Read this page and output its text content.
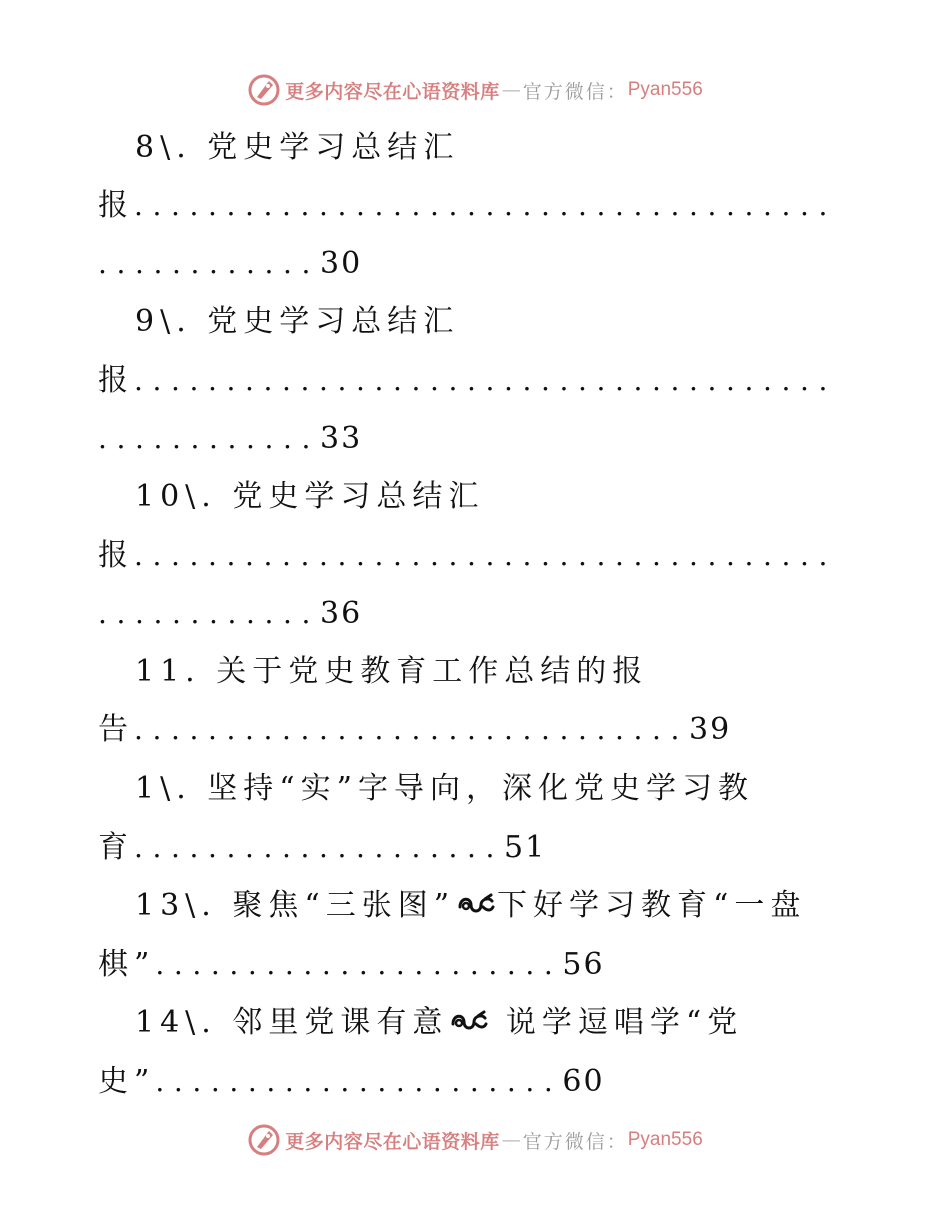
更多内容尽在心语资料库 — 官方微信： Pyan556
8\. 党史学习总结汇
报......................................
............30
9\. 党史学习总结汇
报......................................
............33
10\. 党史学习总结汇
报......................................
............36
11. 关于党史教育工作总结的报
告..............................39
1\. 坚持“实”字导向，深化党史学习教
育....................51
13\. 聚焦“三张图” 下好学习教育“一盘
棋”......................56
14\. 邻里党课有意 说学逗唱学“党
史”......................60
更多内容尽在心语资料库 — 官方微信： Pyan556
